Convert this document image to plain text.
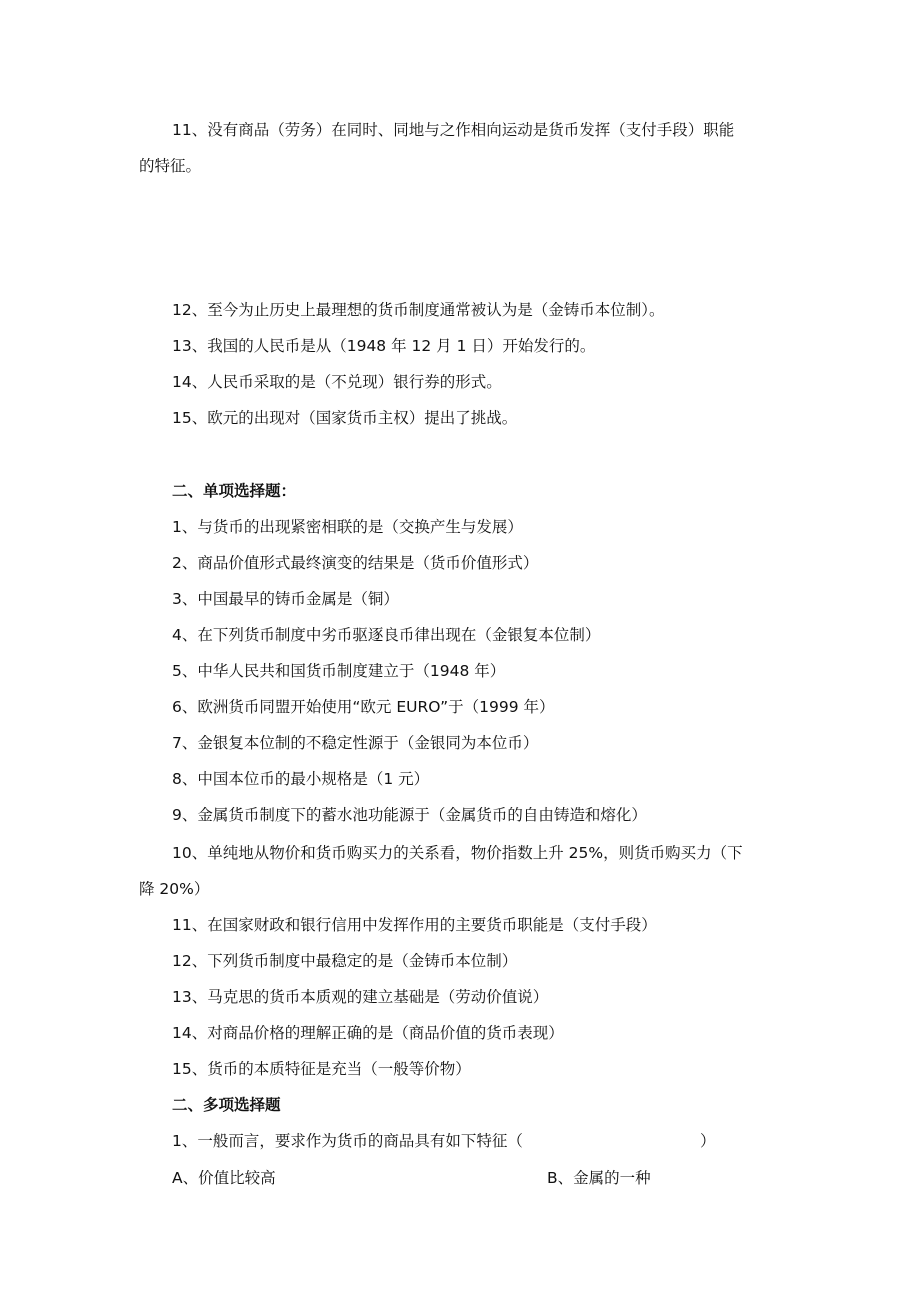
11、没有商品（劳务）在同时、同地与之作相向运动是货币发挥（支付手段）职能
的特征。
12、至今为止历史上最理想的货币制度通常被认为是（金铸币本位制）。
13、我国的人民币是从（1948 年 12 月 1 日）开始发行的。
14、人民币采取的是（不兑现）银行券的形式。
15、欧元的出现对（国家货币主权）提出了挑战。
二、单项选择题：
1、与货币的出现紧密相联的是（交换产生与发展）
2、商品价值形式最终演变的结果是（货币价值形式）
3、中国最早的铸币金属是（铜）
4、在下列货币制度中劣币驱逐良币律出现在（金银复本位制）
5、中华人民共和国货币制度建立于（1948 年）
6、欧洲货币同盟开始使用“欧元 EURO”于（1999 年）
7、金银复本位制的不稳定性源于（金银同为本位币）
8、中国本位币的最小规格是（1 元）
9、金属货币制度下的蓄水池功能源于（金属货币的自由铸造和熔化）
10、单纯地从物价和货币购买力的关系看，物价指数上升 25%，则货币购买力（下
降 20%）
11、在国家财政和银行信用中发挥作用的主要货币职能是（支付手段）
12、下列货币制度中最稳定的是（金铸币本位制）
13、马克思的货币本质观的建立基础是（劳动价值说）
14、对商品价格的理解正确的是（商品价值的货币表现）
15、货币的本质特征是充当（一般等价物）
二、多项选择题
1、一般而言，要求作为货币的商品具有如下特征（	）
A、价值比较高	B、金属的一种
